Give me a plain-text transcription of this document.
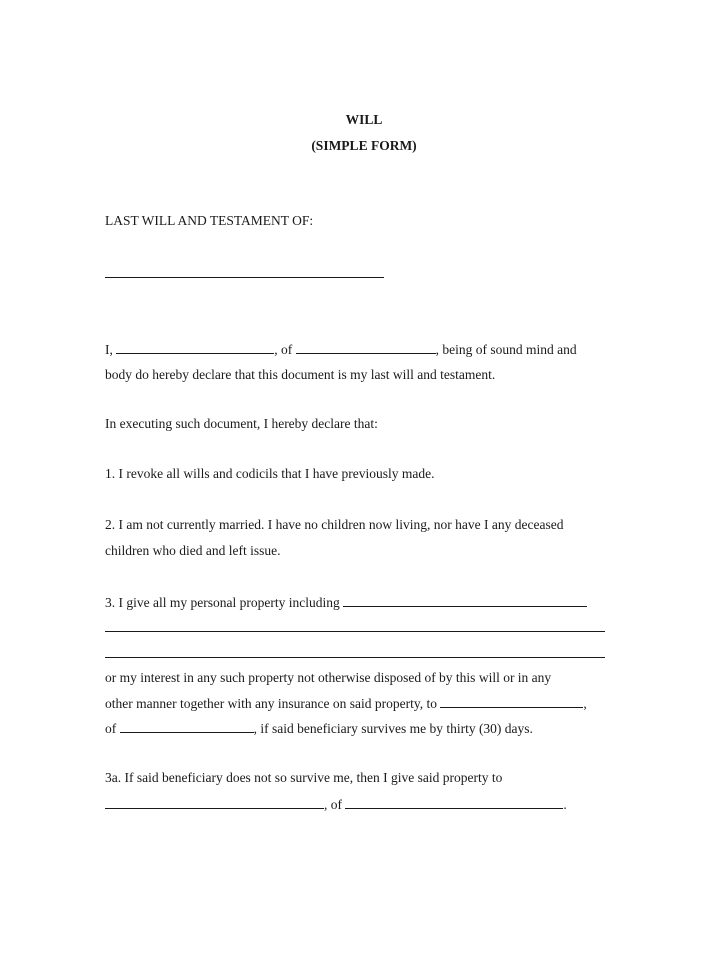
WILL
(SIMPLE FORM)
LAST WILL AND TESTAMENT OF:
I,	, of	, being of sound mind and
body do hereby declare that this document is my last will and testament.
In executing such document, I hereby declare that:
1. I revoke all wills and codicils that I have previously made.
2. I am not currently married. I have no children now living, nor have I any deceased
children who died and left issue.
3. I give all my personal property including
or my interest in any such property not otherwise disposed of by this will or in any
other manner together with any insurance on said property, to	,
of	, if said beneficiary survives me by thirty (30) days.
3a. If said beneficiary does not so survive me, then I give said property to
, of	.
